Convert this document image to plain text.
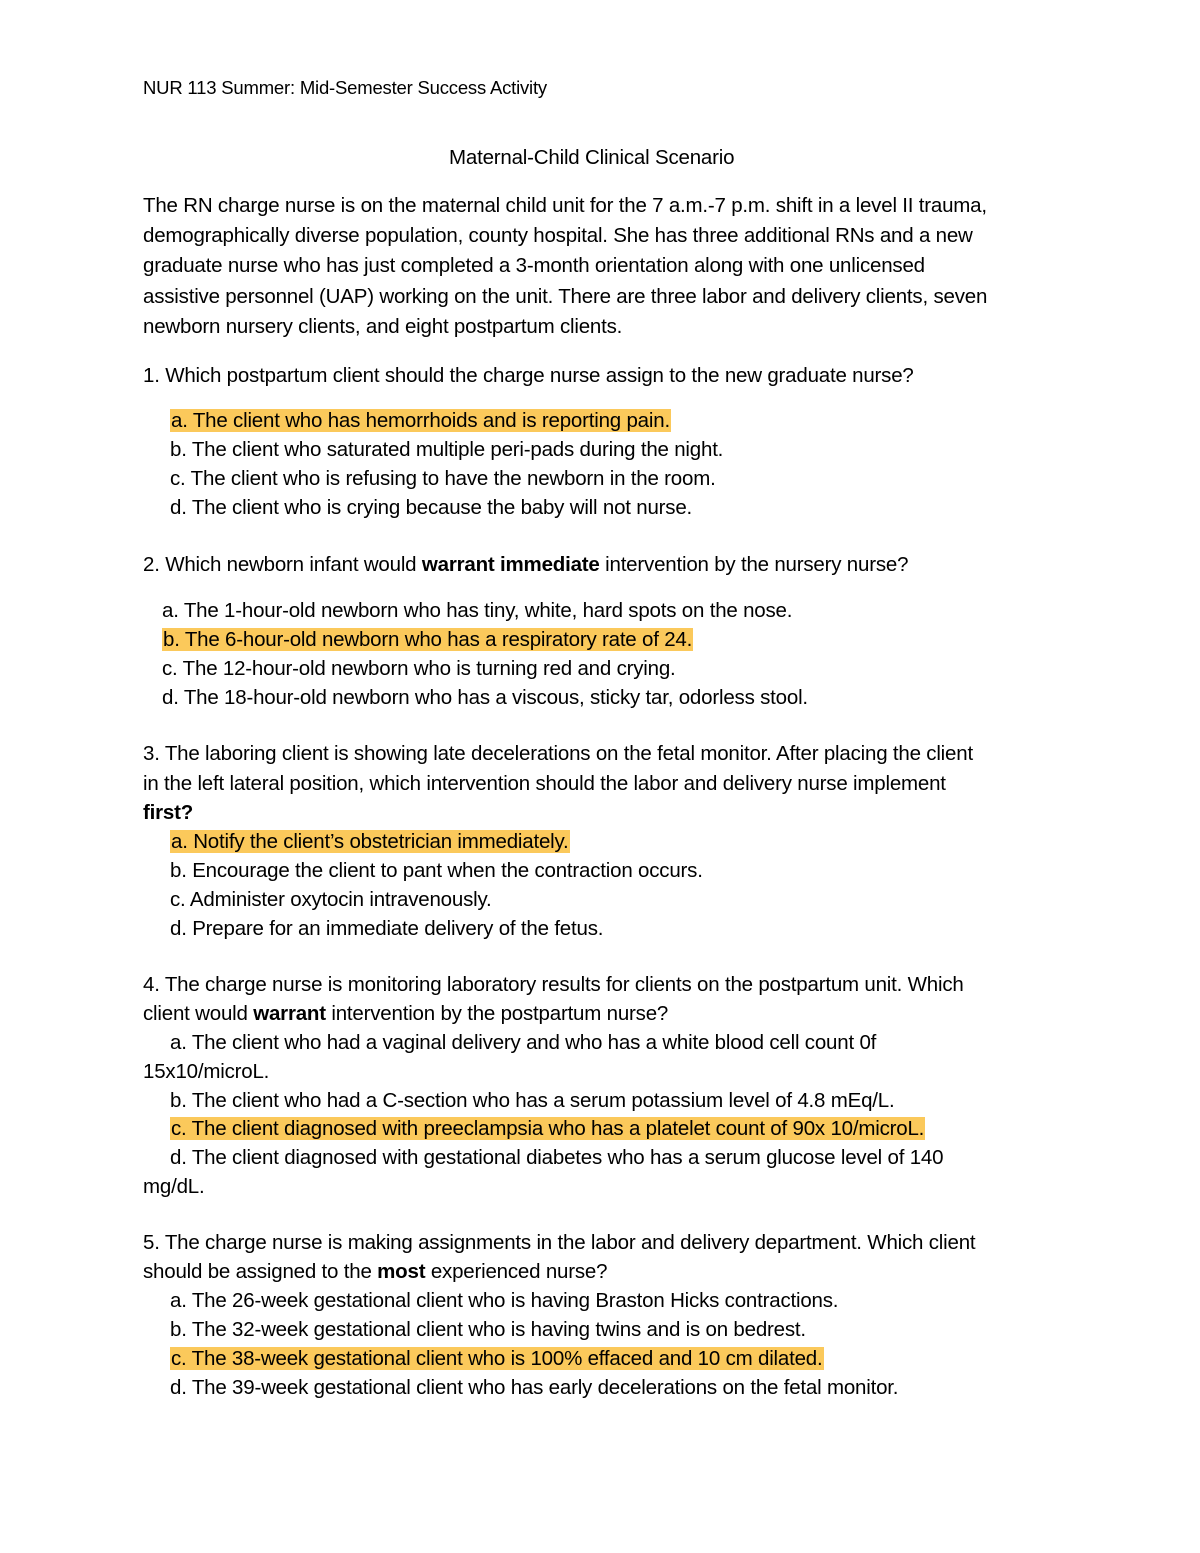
NUR 113 Summer: Mid-Semester Success Activity
Maternal-Child Clinical Scenario
The RN charge nurse is on the maternal child unit for the 7 a.m.-7 p.m. shift in a level II trauma,
demographically diverse population, county hospital. She has three additional RNs and a new
graduate nurse who has just completed a 3-month orientation along with one unlicensed
assistive personnel (UAP) working on the unit. There are three labor and delivery clients, seven
newborn nursery clients, and eight postpartum clients.
1. Which postpartum client should the charge nurse assign to the new graduate nurse?
a. The client who has hemorrhoids and is reporting pain.
b. The client who saturated multiple peri-pads during the night.
c. The client who is refusing to have the newborn in the room.
d. The client who is crying because the baby will not nurse.
2. Which newborn infant would warrant immediate intervention by the nursery nurse?
a. The 1-hour-old newborn who has tiny, white, hard spots on the nose.
b. The 6-hour-old newborn who has a respiratory rate of 24.
c. The 12-hour-old newborn who is turning red and crying.
d. The 18-hour-old newborn who has a viscous, sticky tar, odorless stool.
3. The laboring client is showing late decelerations on the fetal monitor. After placing the client
in the left lateral position, which intervention should the labor and delivery nurse implement
first?
a. Notify the client’s obstetrician immediately.
b. Encourage the client to pant when the contraction occurs.
c. Administer oxytocin intravenously.
d. Prepare for an immediate delivery of the fetus.
4. The charge nurse is monitoring laboratory results for clients on the postpartum unit. Which
client would warrant intervention by the postpartum nurse?
a. The client who had a vaginal delivery and who has a white blood cell count 0f
15x10/microL.
b. The client who had a C-section who has a serum potassium level of 4.8 mEq/L.
c. The client diagnosed with preeclampsia who has a platelet count of 90x 10/microL.
d. The client diagnosed with gestational diabetes who has a serum glucose level of 140
mg/dL.
5. The charge nurse is making assignments in the labor and delivery department. Which client
should be assigned to the most experienced nurse?
a. The 26-week gestational client who is having Braston Hicks contractions.
b. The 32-week gestational client who is having twins and is on bedrest.
c. The 38-week gestational client who is 100% effaced and 10 cm dilated.
d. The 39-week gestational client who has early decelerations on the fetal monitor.
